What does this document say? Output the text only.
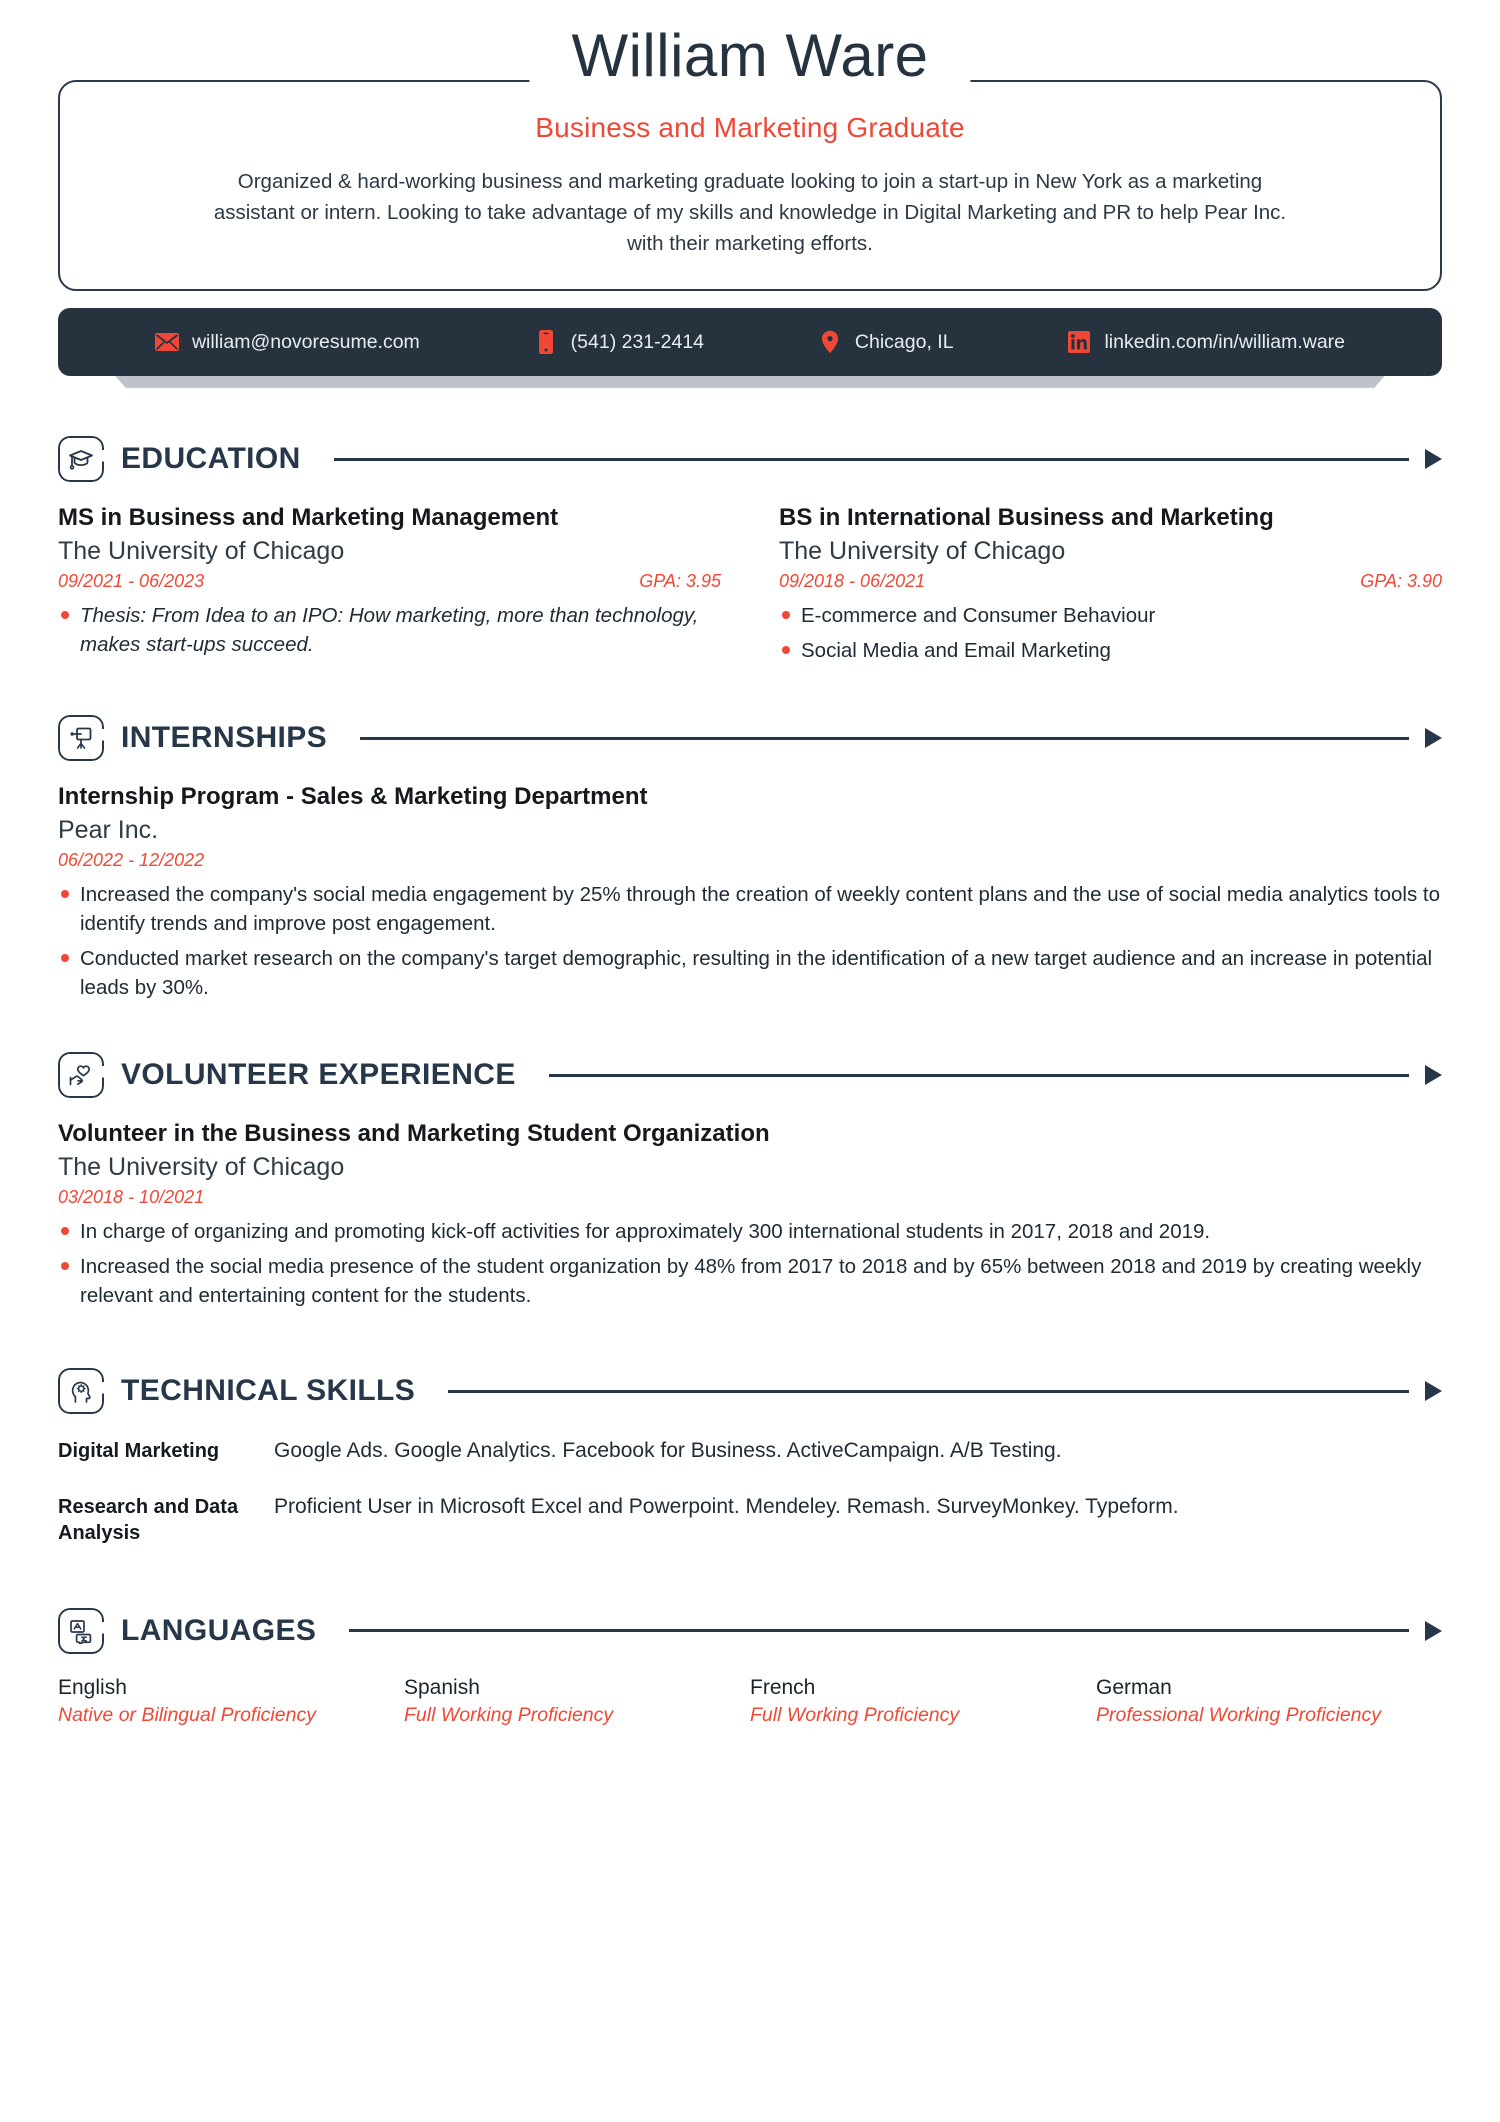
William Ware
Business and Marketing Graduate
Organized & hard-working business and marketing graduate looking to join a start-up in New York as a marketing assistant or intern. Looking to take advantage of my skills and knowledge in Digital Marketing and PR to help Pear Inc. with their marketing efforts.
william@novoresume.com	(541) 231-2414	Chicago, IL	linkedin.com/in/william.ware
EDUCATION
MS in Business and Marketing Management
The University of Chicago
09/2021 - 06/2023	GPA: 3.95
Thesis: From Idea to an IPO: How marketing, more than technology, makes start-ups succeed.
BS in International Business and Marketing
The University of Chicago
09/2018 - 06/2021	GPA: 3.90
E-commerce and Consumer Behaviour
Social Media and Email Marketing
INTERNSHIPS
Internship Program - Sales & Marketing Department
Pear Inc.
06/2022 - 12/2022
Increased the company's social media engagement by 25% through the creation of weekly content plans and the use of social media analytics tools to identify trends and improve post engagement.
Conducted market research on the company's target demographic, resulting in the identification of a new target audience and an increase in potential leads by 30%.
VOLUNTEER EXPERIENCE
Volunteer in the Business and Marketing Student Organization
The University of Chicago
03/2018 - 10/2021
In charge of organizing and promoting kick-off activities for approximately 300 international students in 2017, 2018 and 2019.
Increased the social media presence of the student organization by 48% from 2017 to 2018 and by 65% between 2018 and 2019 by creating weekly relevant and entertaining content for the students.
TECHNICAL SKILLS
Digital Marketing	Google Ads. Google Analytics. Facebook for Business. ActiveCampaign. A/B Testing.
Research and Data Analysis
Proficient User in Microsoft Excel and Powerpoint. Mendeley. Remash. SurveyMonkey. Typeform.
LANGUAGES
English
Native or Bilingual Proficiency
Spanish
Full Working Proficiency
French
Full Working Proficiency
German
Professional Working Proficiency
